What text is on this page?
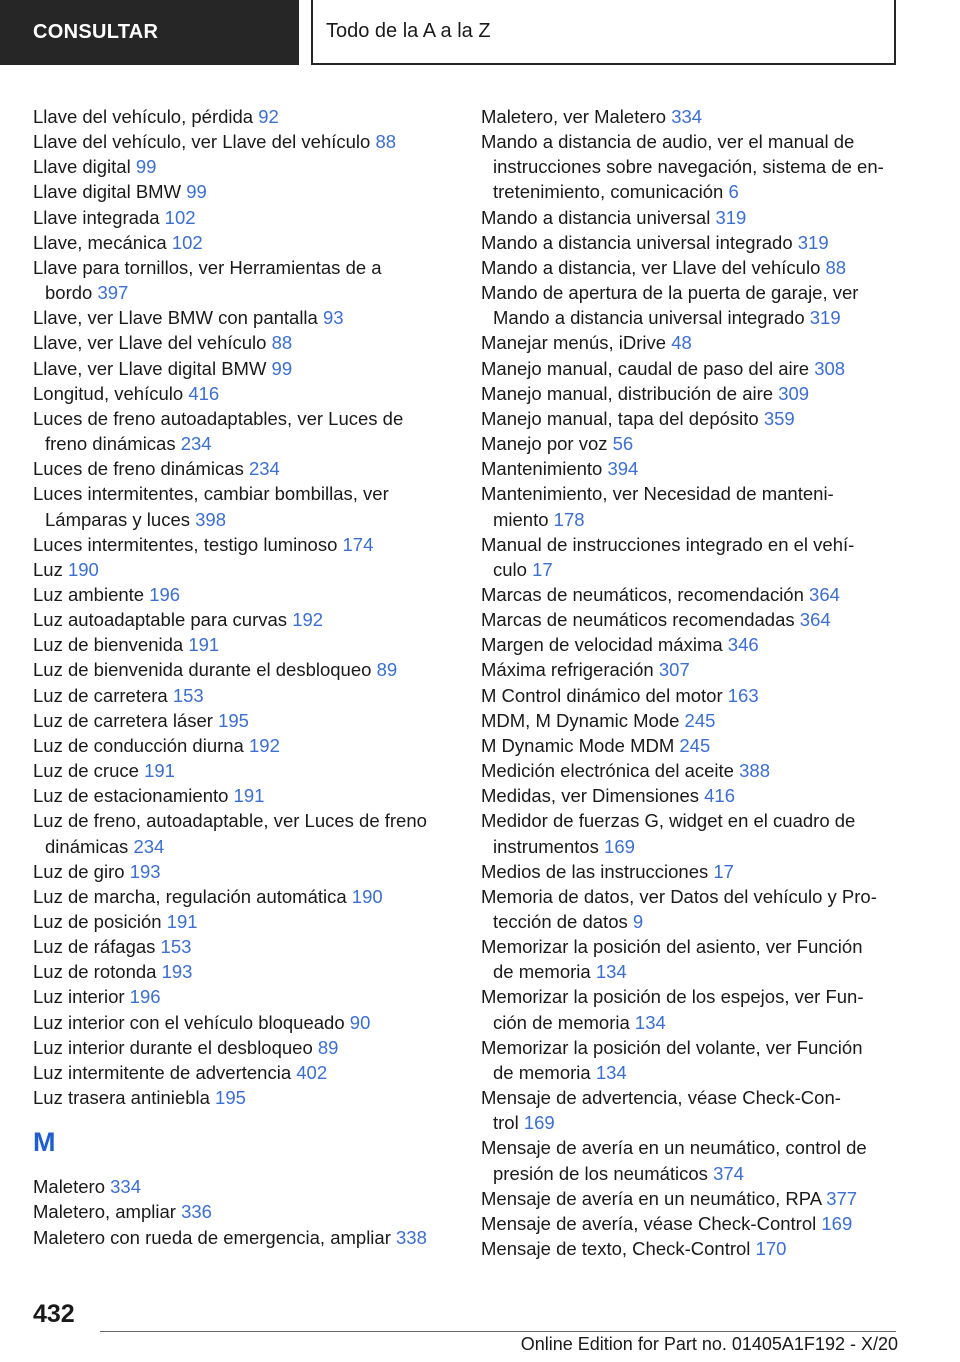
CONSULTAR	Todo de la A a la Z
Llave del vehículo, pérdida 92
Llave del vehículo, ver Llave del vehículo 88
Llave digital 99
Llave digital BMW 99
Llave integrada 102
Llave, mecánica 102
Llave para tornillos, ver Herramientas de a
bordo 397
Llave, ver Llave BMW con pantalla 93
Llave, ver Llave del vehículo 88
Llave, ver Llave digital BMW 99
Longitud, vehículo 416
Luces de freno autoadaptables, ver Luces de
freno dinámicas 234
Luces de freno dinámicas 234
Luces intermitentes, cambiar bombillas, ver
Lámparas y luces 398
Luces intermitentes, testigo luminoso 174
Luz 190
Luz ambiente 196
Luz autoadaptable para curvas 192
Luz de bienvenida 191
Luz de bienvenida durante el desbloqueo 89
Luz de carretera 153
Luz de carretera láser 195
Luz de conducción diurna 192
Luz de cruce 191
Luz de estacionamiento 191
Luz de freno, autoadaptable, ver Luces de freno
dinámicas 234
Luz de giro 193
Luz de marcha, regulación automática 190
Luz de posición 191
Luz de ráfagas 153
Luz de rotonda 193
Luz interior 196
Luz interior con el vehículo bloqueado 90
Luz interior durante el desbloqueo 89
Luz intermitente de advertencia 402
Luz trasera antiniebla 195
M
Maletero 334
Maletero, ampliar 336
Maletero con rueda de emergencia, ampliar 338
Maletero, ver Maletero 334
Mando a distancia de audio, ver el manual de
instrucciones sobre navegación, sistema de en-
tretenimiento, comunicación 6
Mando a distancia universal 319
Mando a distancia universal integrado 319
Mando a distancia, ver Llave del vehículo 88
Mando de apertura de la puerta de garaje, ver
Mando a distancia universal integrado 319
Manejar menús, iDrive 48
Manejo manual, caudal de paso del aire 308
Manejo manual, distribución de aire 309
Manejo manual, tapa del depósito 359
Manejo por voz 56
Mantenimiento 394
Mantenimiento, ver Necesidad de manteni-
miento 178
Manual de instrucciones integrado en el vehí-
culo 17
Marcas de neumáticos, recomendación 364
Marcas de neumáticos recomendadas 364
Margen de velocidad máxima 346
Máxima refrigeración 307
M Control dinámico del motor 163
MDM, M Dynamic Mode 245
M Dynamic Mode MDM 245
Medición electrónica del aceite 388
Medidas, ver Dimensiones 416
Medidor de fuerzas G, widget en el cuadro de
instrumentos 169
Medios de las instrucciones 17
Memoria de datos, ver Datos del vehículo y Pro-
tección de datos 9
Memorizar la posición del asiento, ver Función
de memoria 134
Memorizar la posición de los espejos, ver Fun-
ción de memoria 134
Memorizar la posición del volante, ver Función
de memoria 134
Mensaje de advertencia, véase Check-Con-
trol 169
Mensaje de avería en un neumático, control de
presión de los neumáticos 374
Mensaje de avería en un neumático, RPA 377
Mensaje de avería, véase Check-Control 169
Mensaje de texto, Check-Control 170
432
Online Edition for Part no. 01405A1F192 - X/20
